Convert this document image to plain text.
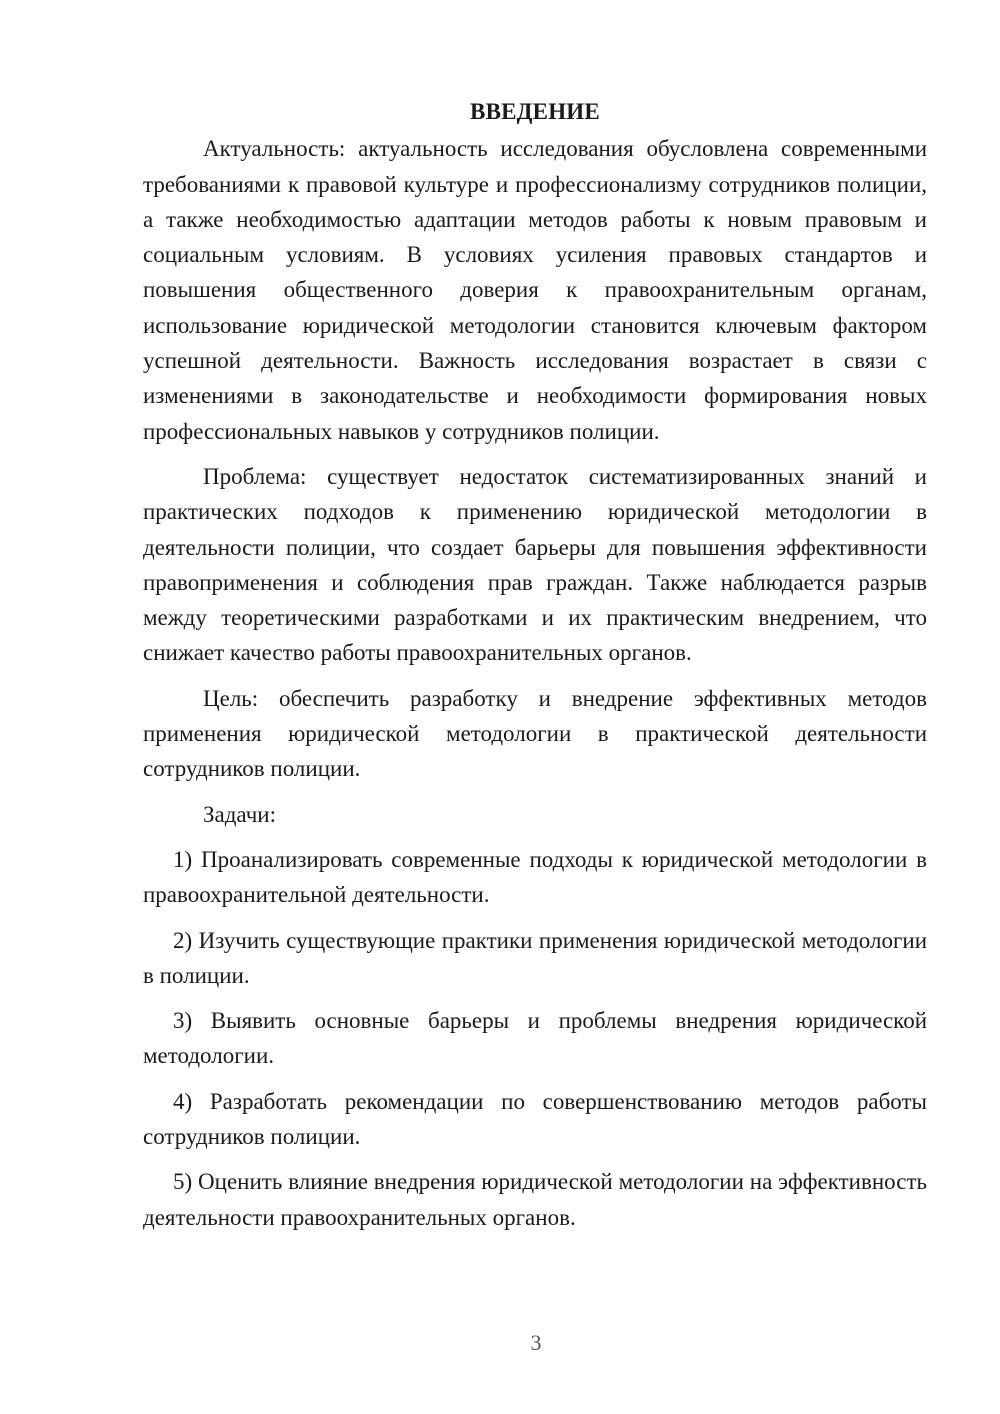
ВВЕДЕНИЕ

Актуальность: актуальность исследования обусловлена современными требованиями к правовой культуре и профессионализму сотрудников полиции, а также необходимостью адаптации методов работы к новым правовым и социальным условиям. В условиях усиления правовых стандартов и повышения общественного доверия к правоохранительным органам, использование юридической методологии становится ключевым фактором успешной деятельности. Важность исследования возрастает в связи с изменениями в законодательстве и необходимости формирования новых профессиональных навыков у сотрудников полиции.

Проблема: существует недостаток систематизированных знаний и практических подходов к применению юридической методологии в деятельности полиции, что создает барьеры для повышения эффективности правоприменения и соблюдения прав граждан. Также наблюдается разрыв между теоретическими разработками и их практическим внедрением, что снижает качество работы правоохранительных органов.

Цель: обеспечить разработку и внедрение эффективных методов применения юридической методологии в практической деятельности сотрудников полиции.

Задачи:

1) Проанализировать современные подходы к юридической методологии в правоохранительной деятельности.

2) Изучить существующие практики применения юридической методологии в полиции.

3) Выявить основные барьеры и проблемы внедрения юридической методологии.

4) Разработать рекомендации по совершенствованию методов работы сотрудников полиции.

5) Оценить влияние внедрения юридической методологии на эффективность деятельности правоохранительных органов.

3
